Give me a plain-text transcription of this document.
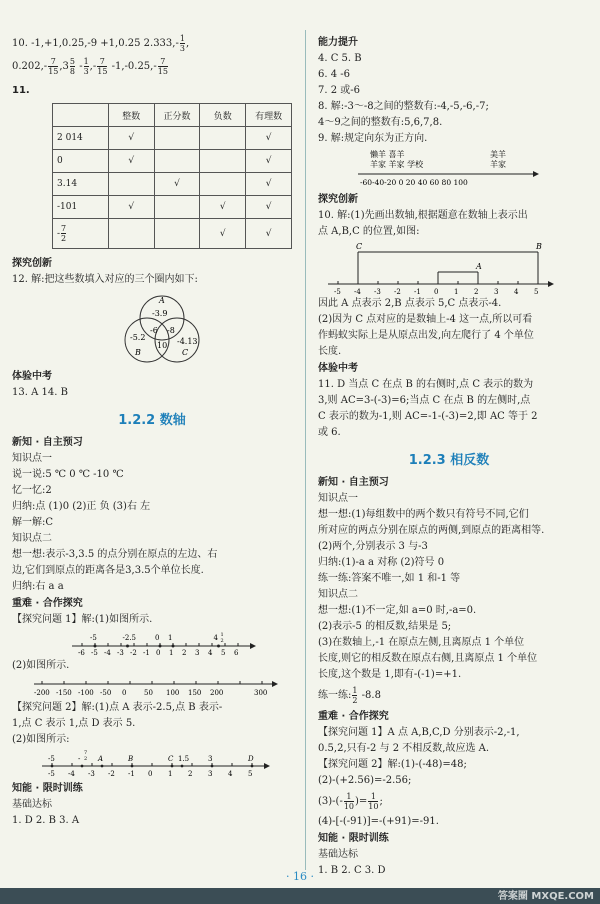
10. -1,+1,0.25,-9 +1,0.25 $2.333,- \frac{1}{3}$ ,

$0.202,- \frac{7}{15} ,3 \frac{5}{8} - \frac{1}{3}$ ,- $\frac{7}{15} -1,-0.25,- \frac{7}{15}$

11.

	整数	正分数	负数	有理数
2 014	√			√
0	√			√
3.14		√		√
-101	√		√	√
- $\frac{7}{2}$			√	√

探究创新

12. 解:把这些数填入对应的三个圈内如下:

A
-3.9
-5.2
-6 -8
-4.13
10
B	C

体验中考

13. A 14. B

1.2.2 数轴

新知 · 自主预习

知识点一

说一说:5 ℃ 0 ℃ -10 ℃

忆一忆:2

归纳:点 (1)0 (2)正 负 (3)右 左

解一解:C

知识点二

想一想:表示-3,3.5 的点分别在原点的左边、右

边,它们到原点的距离各是3,3.5个单位长度.

归纳:右 a a

重难 · 合作探究

【探究问题 1】解:(1)如图所示.

-6 -5 -4 -3 -2 -1 0 1 2 3 4 5 6
-5	-2.5	0 1	4 1
2

(2)如图所示.

-200 -150 -100 -50 0	50 100 150 200	300

【探究问题 2】解:(1)点 A 表示-2.5,点 B 表示-

1,点 C 表示 1,点 D 表示 5.

(2)如图所示:

-5 -4 -3 -2 -1 0 1 2 3 4 5
-5	-	A	B	C 1.5	3	D
7
2

知能 · 限时训练

基础达标

1. D 2. B 3. A

能力提升

4. C 5. B

6. 4 -6

7. 2 或-6

8. 解:-3～-8之间的整数有:-4,-5,-6,-7;

4～9之间的整数有:5,6,7,8.

9. 解:规定向东为正方向.

懒羊 喜羊
羊家 羊家 学校
美羊
羊家
-60-40-20 0 20 40 60 80 100

探究创新

10. 解:(1)先画出数轴,根据题意在数轴上表示出

点 A,B,C 的位置,如图:

-5 -4 -3 -2 -1 0 1 2 3 4 5
C	B
A

因此 A 点表示 2,B 点表示 5,C 点表示-4.

(2)因为 C 点对应的是数轴上-4 这一点,所以可看

作蚂蚁实际上是从原点出发,向左爬行了 4 个单位

长度.

体验中考

11. D 当点 C 在点 B 的右侧时,点 C 表示的数为

3,则 AC=3-(-3)=6;当点 C 在点 B 的左侧时,点

C 表示的数为-1,则 AC=-1-(-3)=2,即 AC 等于 2

或 6.

1.2.3 相反数

新知 · 自主预习

知识点一

想一想:(1)每组数中的两个数只有符号不同,它们

所对应的两点分别在原点的两侧,到原点的距离相等.

(2)两个,分别表示 3 与-3

归纳:(1)-a a 对称 (2)符号 0

练一练:答案不唯一,如 1 和-1 等

知识点二

想一想:(1)不一定,如 a=0 时,-a=0.

(2)表示-5 的相反数,结果是 5;

(3)在数轴上,-1 在原点左侧,且离原点 1 个单位

长度,则它的相反数在原点右侧,且离原点 1 个单位

长度,这个数是 1,即有-(-1)=+1.

练一练: $\frac{1}{2} -8.8$

重难 · 合作探究

【探究问题 1】A 点 A,B,C,D 分别表示-2,-1,

0.5,2,只有-2 与 2 不相反数,故应选 A.

【探究问题 2】解:(1)-(-48)=48;

(2)-(+2.56)=-2.56;

$(3)-(- \frac{1}{10}$ )= $\frac{1}{10}$ ;

(4)-[-(-91)]=-(+91)=-91.

知能 · 限时训练

基础达标

1. B 2. C 3. D

· 16 ·
答案圈 MXQE.COM
